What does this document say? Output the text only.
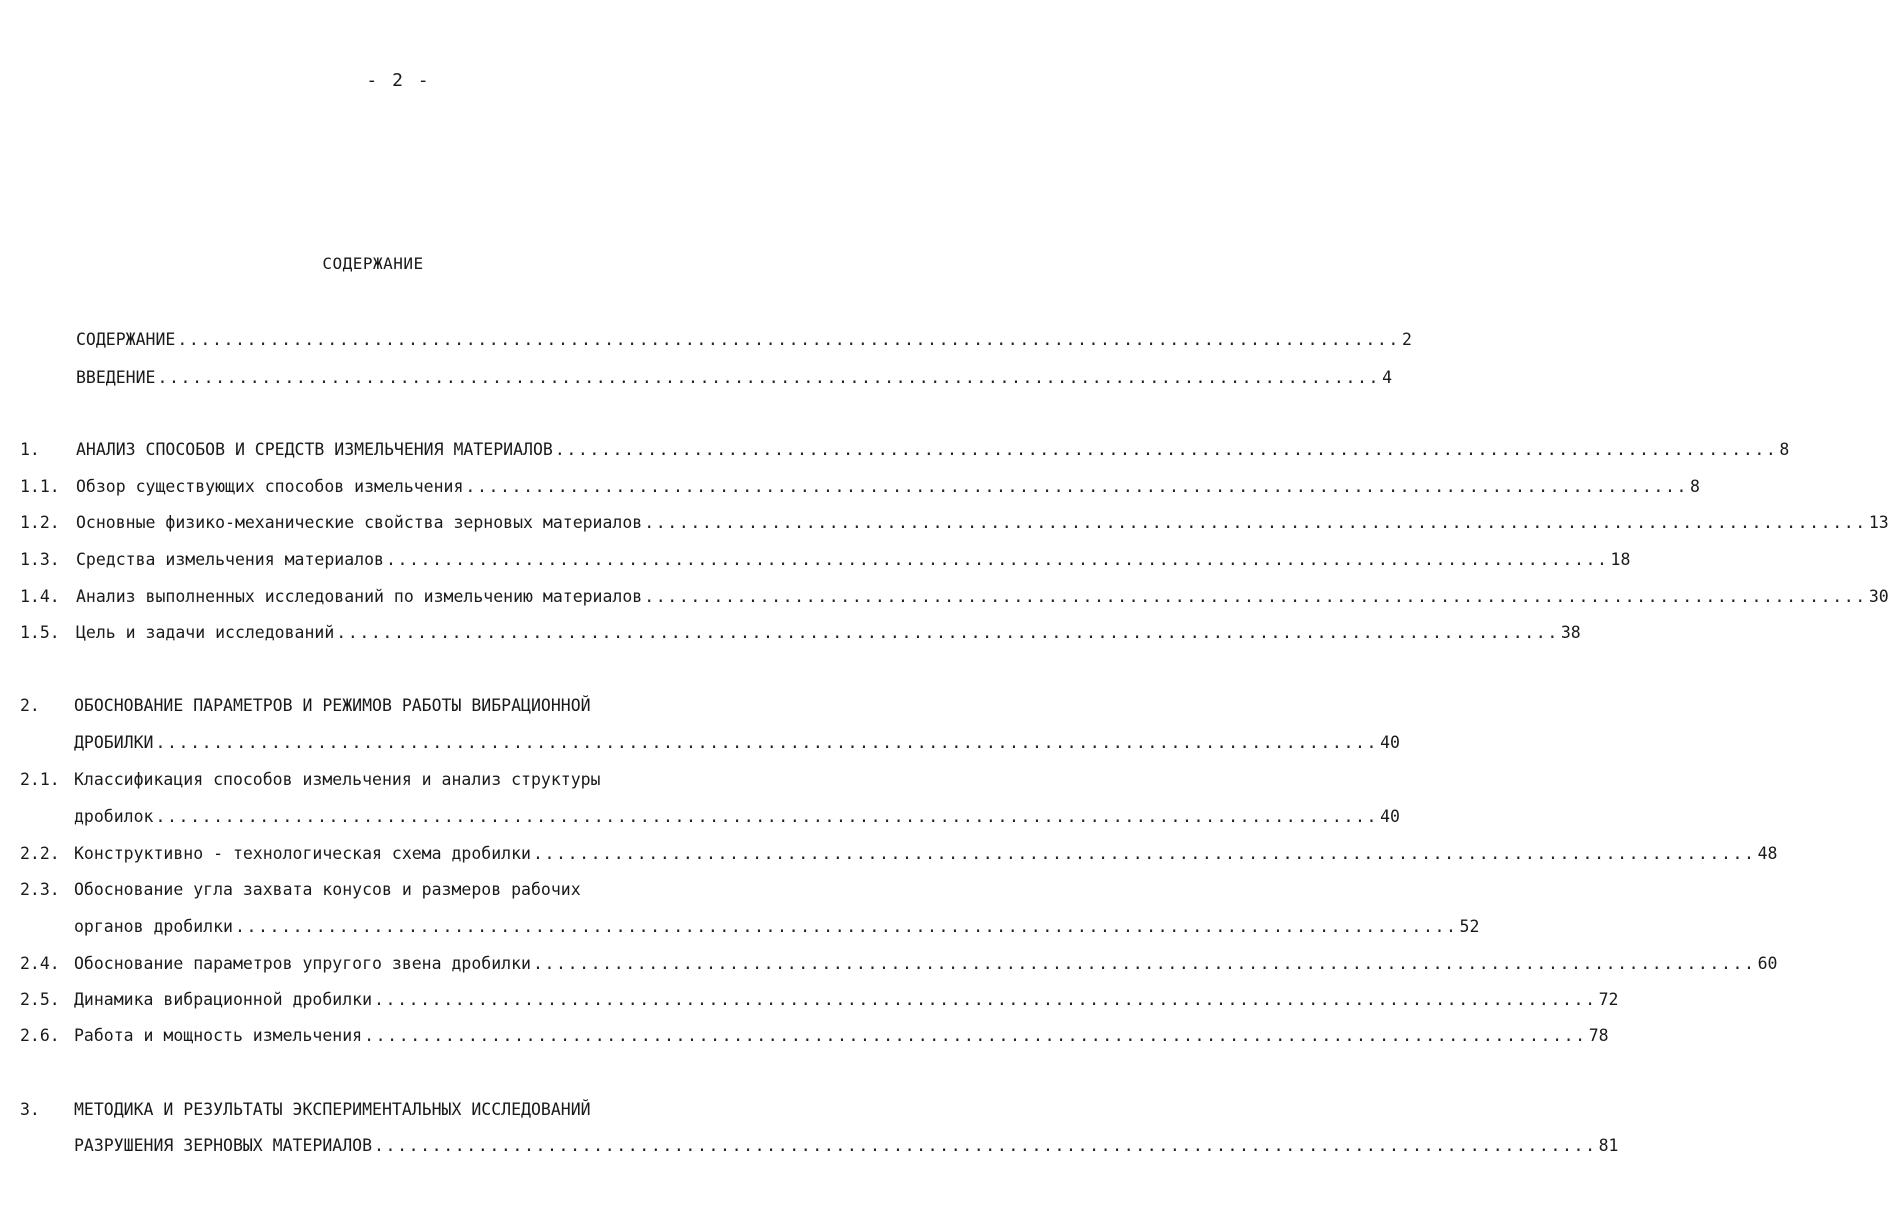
- 2 -
СОДЕРЖАНИЕ
СОДЕРЖАНИЕ .......................................................................................................... 2
ВВЕДЕНИЕ .......................................................................................................... 4
1. АНАЛИЗ СПОСОБОВ И СРЕДСТВ ИЗМЕЛЬЧЕНИЯ МАТЕРИАЛОВ .......................................................................................................... 8
1.1. Обзор существующих способов измельчения .......................................................................................................... 8
1.2. Основные физико-механические свойства зерновых материалов .......................................................................................................... 13
1.3. Средства измельчения материалов .......................................................................................................... 18
1.4. Анализ выполненных исследований по измельчению материалов .......................................................................................................... 30
1.5. Цель и задачи исследований .......................................................................................................... 38
2. ОБОСНОВАНИЕ ПАРАМЕТРОВ И РЕЖИМОВ РАБОТЫ ВИБРАЦИОННОЙ
ДРОБИЛКИ .......................................................................................................... 40
2.1. Классификация способов измельчения и анализ структуры
дробилок .......................................................................................................... 40
2.2. Конструктивно - технологическая схема дробилки .......................................................................................................... 48
2.3. Обоснование угла захвата конусов и размеров рабочих
органов дробилки .......................................................................................................... 52
2.4. Обоснование параметров упругого звена дробилки .......................................................................................................... 60
2.5. Динамика вибрационной дробилки .......................................................................................................... 72
2.6. Работа и мощность измельчения .......................................................................................................... 78
3. МЕТОДИКА И РЕЗУЛЬТАТЫ ЭКСПЕРИМЕНТАЛЬНЫХ ИССЛЕДОВАНИЙ
РАЗРУШЕНИЯ ЗЕРНОВЫХ МАТЕРИАЛОВ .......................................................................................................... 81
